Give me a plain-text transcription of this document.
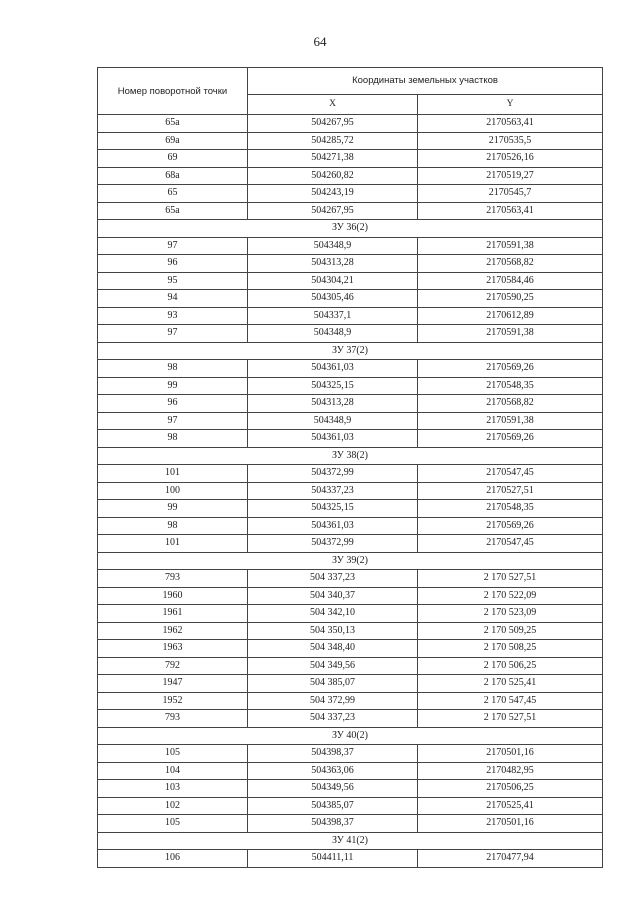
64
Номер поворотной точки	Координаты земельных участков	
	X	Y
65а	504267,95	2170563,41
69а	504285,72	2170535,5
69	504271,38	2170526,16
68а	504260,82	2170519,27
65	504243,19	2170545,7
65а	504267,95	2170563,41
ЗУ 36(2)		
97	504348,9	2170591,38
96	504313,28	2170568,82
95	504304,21	2170584,46
94	504305,46	2170590,25
93	504337,1	2170612,89
97	504348,9	2170591,38
ЗУ 37(2)		
98	504361,03	2170569,26
99	504325,15	2170548,35
96	504313,28	2170568,82
97	504348,9	2170591,38
98	504361,03	2170569,26
ЗУ 38(2)		
101	504372,99	2170547,45
100	504337,23	2170527,51
99	504325,15	2170548,35
98	504361,03	2170569,26
101	504372,99	2170547,45
ЗУ 39(2)		
793	504 337,23	2 170 527,51
1960	504 340,37	2 170 522,09
1961	504 342,10	2 170 523,09
1962	504 350,13	2 170 509,25
1963	504 348,40	2 170 508,25
792	504 349,56	2 170 506,25
1947	504 385,07	2 170 525,41
1952	504 372,99	2 170 547,45
793	504 337,23	2 170 527,51
ЗУ 40(2)		
105	504398,37	2170501,16
104	504363,06	2170482,95
103	504349,56	2170506,25
102	504385,07	2170525,41
105	504398,37	2170501,16
ЗУ 41(2)		
106	504411,11	2170477,94
